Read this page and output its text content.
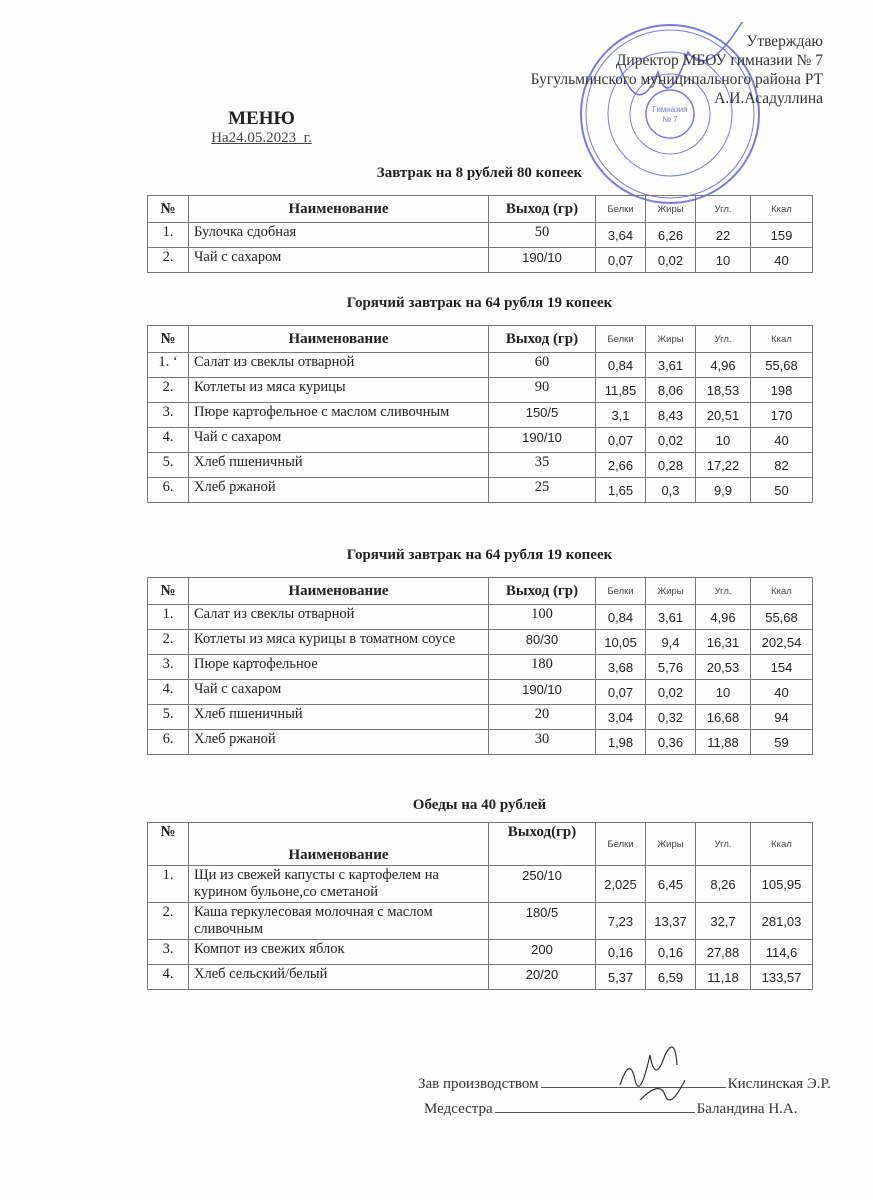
Гимназия
№ 7
Утверждаю
Директор МБОУ гимназии № 7
Бугульминского муниципального района РТ
А.И.Асадуллина
МЕНЮ
На24.05.2023_г.
Завтрак на 8 рублей 80 копеек
№	Наименование	Выход (гр)	Белки	Жиры	Угл.	Ккал
1.	Булочка сдобная	50	3,64	6,26	22	159
2.	Чай с сахаром	190/10	0,07	0,02	10	40
Горячий завтрак на 64 рубля 19 копеек
№	Наименование	Выход (гр)	Белки	Жиры	Угл.	Ккал
1. ‘	Салат из свеклы отварной	60	0,84	3,61	4,96	55,68
2.	Котлеты из мяса курицы	90	11,85	8,06	18,53	198
3.	Пюре картофельное с маслом сливочным	150/5	3,1	8,43	20,51	170
4.	Чай с сахаром	190/10	0,07	0,02	10	40
5.	Хлеб пшеничный	35	2,66	0,28	17,22	82
6.	Хлеб ржаной	25	1,65	0,3	9,9	50
Горячий завтрак на 64 рубля 19 копеек
№	Наименование	Выход (гр)	Белки	Жиры	Угл.	Ккал
1.	Салат из свеклы отварной	100	0,84	3,61	4,96	55,68
2.	Котлеты из мяса курицы в томатном соусе	80/30	10,05	9,4	16,31	202,54
3.	Пюре картофельное	180	3,68	5,76	20,53	154
4.	Чай с сахаром	190/10	0,07	0,02	10	40
5.	Хлеб пшеничный	20	3,04	0,32	16,68	94
6.	Хлеб ржаной	30	1,98	0,36	11,88	59
Обеды на 40 рублей
№	Наименование	Выход(гр)	Белки	Жиры	Угл.	Ккал
1.	Щи из свежей капусты с картофелем на курином бульоне,со сметаной	250/10	2,025	6,45	8,26	105,95
2.	Каша геркулесовая молочная с маслом сливочным	180/5	7,23	13,37	32,7	281,03
3.	Компот из свежих яблок	200	0,16	0,16	27,88	114,6
4.	Хлеб сельский/белый	20/20	5,37	6,59	11,18	133,57
Зав производством	Кислинская Э.Р.
Медсестра	Баландина Н.А.
